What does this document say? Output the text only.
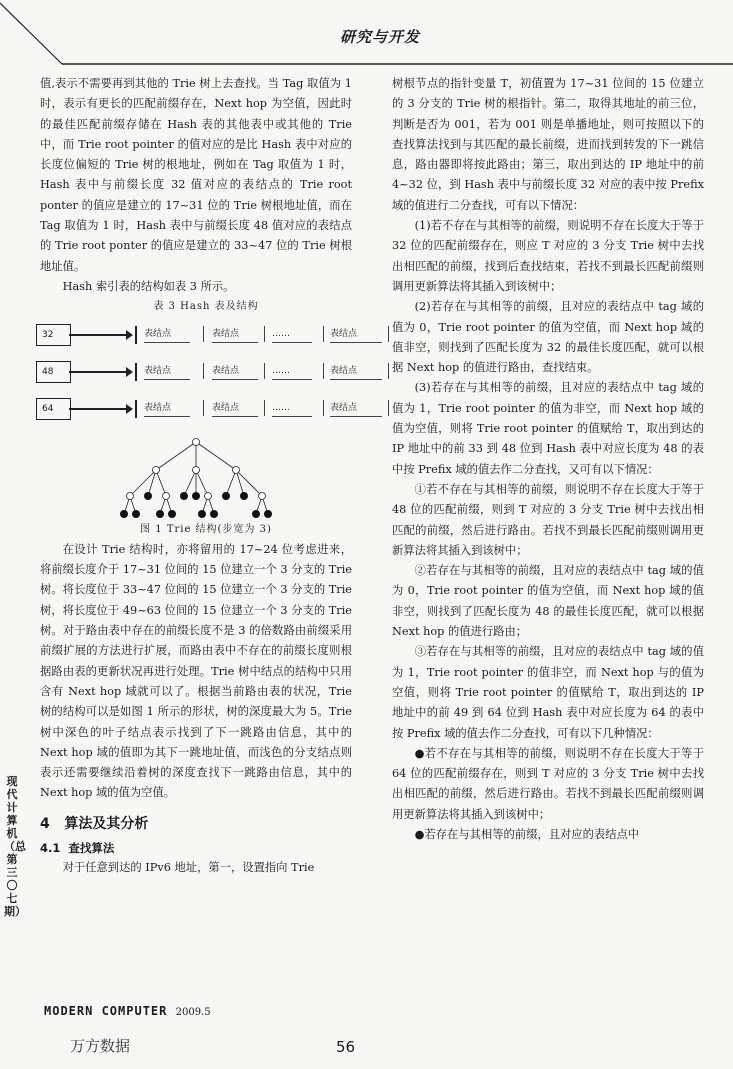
研究与开发

值,表示不需要再到其他的 Trie 树上去查找。当 Tag 取值为 1 时，表示有更长的匹配前缀存在，Next hop 为空值，因此时的最佳匹配前缀存储在 Hash 表的其他表中或其他的 Trie 中，而 Trie root pointer 的值对应的是比 Hash 表中对应的长度位偏短的 Trie 树的根地址，例如在 Tag 取值为 1 时，Hash 表中与前缀长度 32 值对应的表结点的 Trie root ponter 的值应是建立的 17~31 位的 Trie 树根地址值，而在 Tag 取值为 1 时，Hash 表中与前缀长度 48 值对应的表结点的 Trie root ponter 的值应是建立的 33~47 位的 Trie 树根地址值。

Hash 索引表的结构如表 3 所示。

表 3 Hash 表及结构

32	表结点	表结点	……	表结点
48	表结点	表结点	……	表结点
64	表结点	表结点	……	表结点

图 1 Trie 结构(步宽为 3)

在设计 Trie 结构时，亦将留用的 17~24 位考虑进来，将前缀长度介于 17~31 位间的 15 位建立一个 3 分支的 Trie 树。将长度位于 33~47 位间的 15 位建立一个 3 分支的 Trie 树，将长度位于 49~63 位间的 15 位建立一个 3 分支的 Trie 树。对于路由表中存在的前缀长度不是 3 的倍数路由前缀采用前缀扩展的方法进行扩展，而路由表中不存在的前缀长度则根据路由表的更新状况再进行处理。Trie 树中结点的结构中只用含有 Next hop 域就可以了。根据当前路由表的状况，Trie 树的结构可以是如图 1 所示的形状，树的深度最大为 5。Trie 树中深色的叶子结点表示找到了下一跳路由信息，其中的 Next hop 域的值即为其下一跳地址值，而浅色的分支结点则表示还需要继续沿着树的深度查找下一跳路由信息，其中的 Next hop 域的值为空值。

4 算法及其分析
4.1 查找算法

对于任意到达的 IPv6 地址，第一，设置指向 Trie

树根节点的指针变量 T，初值置为 17~31 位间的 15 位建立的 3 分支的 Trie 树的根指针。第二，取得其地址的前三位，判断是否为 001，若为 001 则是单播地址，则可按照以下的查找算法找到与其匹配的最长前缀，进而找到转发的下一跳信息，路由器即将按此路由；第三，取出到达的 IP 地址中的前 4~32 位，到 Hash 表中与前缀长度 32 对应的表中按 Prefix 域的值进行二分查找，可有以下情况：

(1)若不存在与其相等的前缀，则说明不存在长度大于等于 32 位的匹配前缀存在，则应 T 对应的 3 分支 Trie 树中去找出相匹配的前缀，找到后查找结束，若找不到最长匹配前缀则调用更新算法将其插入到该树中；

(2)若存在与其相等的前缀，且对应的表结点中 tag 域的值为 0，Trie root pointer 的值为空值，而 Next hop 域的值非空，则找到了匹配长度为 32 的最佳长度匹配，就可以根据 Next hop 的值进行路由，查找结束。

(3)若存在与其相等的前缀，且对应的表结点中 tag 域的值为 1，Trie root pointer 的值为非空，而 Next hop 域的值为空值，则将 Trie root pointer 的值赋给 T，取出到达的 IP 地址中的前 33 到 48 位到 Hash 表中对应长度为 48 的表中按 Prefix 域的值去作二分查找，又可有以下情况：

①若不存在与其相等的前缀，则说明不存在长度大于等于 48 位的匹配前缀，则到 T 对应的 3 分支 Trie 树中去找出相匹配的前缀，然后进行路由。若找不到最长匹配前缀则调用更新算法将其插入到该树中；

②若存在与其相等的前缀，且对应的表结点中 tag 域的值为 0，Trie root pointer 的值为空值，而 Next hop 域的值非空，则找到了匹配长度为 48 的最佳长度匹配，就可以根据 Next hop 的值进行路由；

③若存在与其相等的前缀，且对应的表结点中 tag 域的值为 1，Trie root pointer 的值非空，而 Next hop 与的值为空值，则将 Trie root pointer 的值赋给 T，取出到达的 IP 地址中的前 49 到 64 位到 Hash 表中对应长度为 64 的表中按 Prefix 域的值去作二分查找，可有以下几种情况：

●若不存在与其相等的前缀，则说明不存在长度大于等于 64 位的匹配前缀存在，则到 T 对应的 3 分支 Trie 树中去找出相匹配的前缀，然后进行路由。若找不到最长匹配前缀则调用更新算法将其插入到该树中；

●若存在与其相等的前缀，且对应的表结点中

现代计算机（总第三〇七期）
MODERN COMPUTER 2009.5
万方数据	56
